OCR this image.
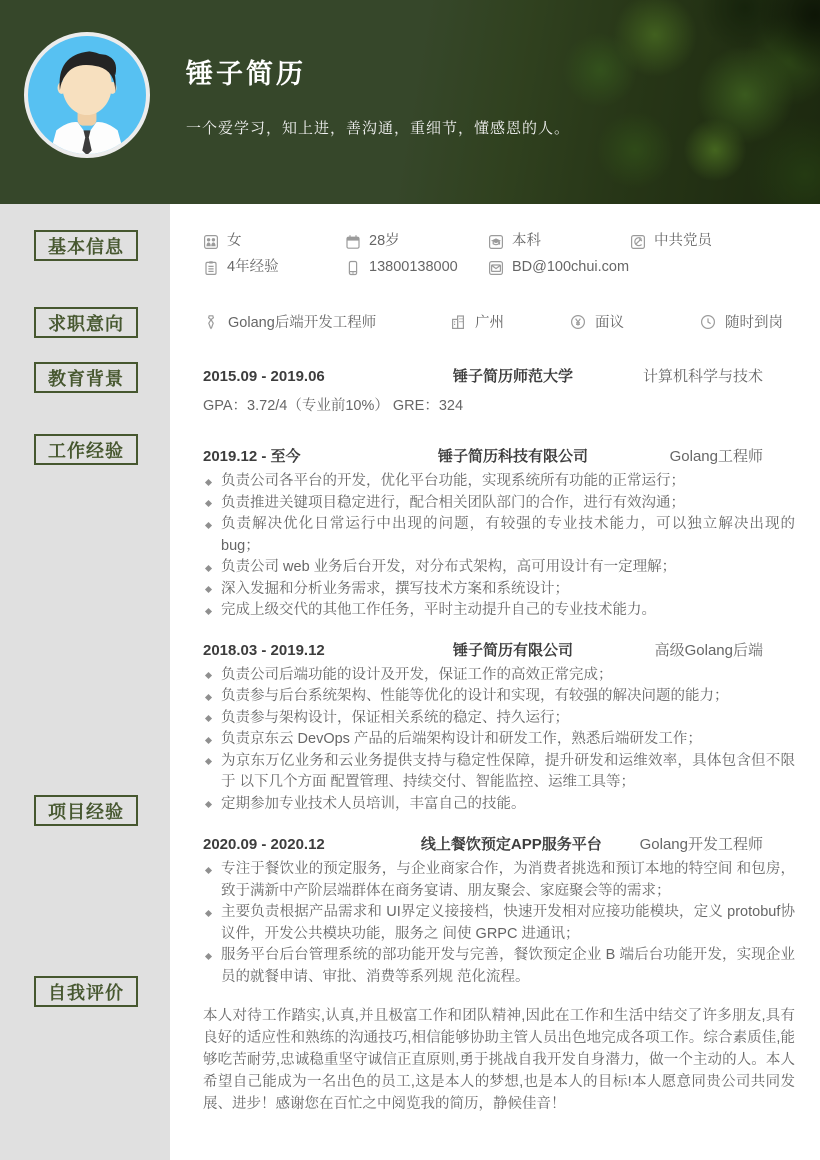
锤子简历
一个爱学习，知上进，善沟通，重细节，懂感恩的人。
基本信息
求职意向
教育背景
工作经验
项目经验
自我评价
女	28岁	本科	中共党员
4年经验	13800138000	BD@100chui.com
Golang后端开发工程师	广州	面议	随时到岗
2015.09 - 2019.06	锤子简历师范大学	计算机科学与技术
GPA：3.72/4（专业前10%） GRE：324
2019.12 - 至今	锤子简历科技有限公司	Golang工程师
负责公司各平台的开发，优化平台功能，实现系统所有功能的正常运行；
负责推进关键项目稳定进行，配合相关团队部门的合作，进行有效沟通；
负责解决优化日常运行中出现的问题，有较强的专业技术能力，可以独立解决出现的 bug；
负责公司 web 业务后台开发，对分布式架构，高可用设计有一定理解；
深入发掘和分析业务需求，撰写技术方案和系统设计；
完成上级交代的其他工作任务，平时主动提升自己的专业技术能力。
2018.03 - 2019.12	锤子简历有限公司	高级Golang后端
负责公司后端功能的设计及开发，保证工作的高效正常完成；
负责参与后台系统架构、性能等优化的设计和实现，有较强的解决问题的能力；
负责参与架构设计，保证相关系统的稳定、持久运行；
负责京东云 DevOps 产品的后端架构设计和研发工作，熟悉后端研发工作；
为京东万亿业务和云业务提供支持与稳定性保障，提升研发和运维效率，具体包含但不限于 以下几个方面 配置管理、持续交付、智能监控、运维工具等；
定期参加专业技术人员培训，丰富自己的技能。
2020.09 - 2020.12	线上餐饮预定APP服务平台	Golang开发工程师
专注于餐饮业的预定服务，与企业商家合作，为消费者挑选和预订本地的特空间 和包房，致于满新中产阶层端群体在商务宴请、朋友聚会、家庭聚会等的需求；
主要负责根据产品需求和 UI界定义接接档，快速开发相对应接功能模块，定义 protobuf协议件，开发公共模块功能，服务之 间使 GRPC 进通讯；
服务平台后台管理系统的部功能开发与完善，餐饮预定企业 B 端后台功能开发，实现企业员的就餐申请、审批、消费等系列规 范化流程。

本人对待工作踏实,认真,并且极富工作和团队精神,因此在工作和生活中结交了许多朋友,具有良好的适应性和熟练的沟通技巧,相信能够协助主管人员出色地完成各项工作。综合素质佳,能够吃苦耐劳,忠诚稳重坚守诚信正直原则,勇于挑战自我开发自身潜力，做一个主动的人。本人希望自己能成为一名出色的员工,这是本人的梦想,也是本人的目标!本人愿意同贵公司共同发展、进步！感谢您在百忙之中阅览我的简历，静候佳音！
